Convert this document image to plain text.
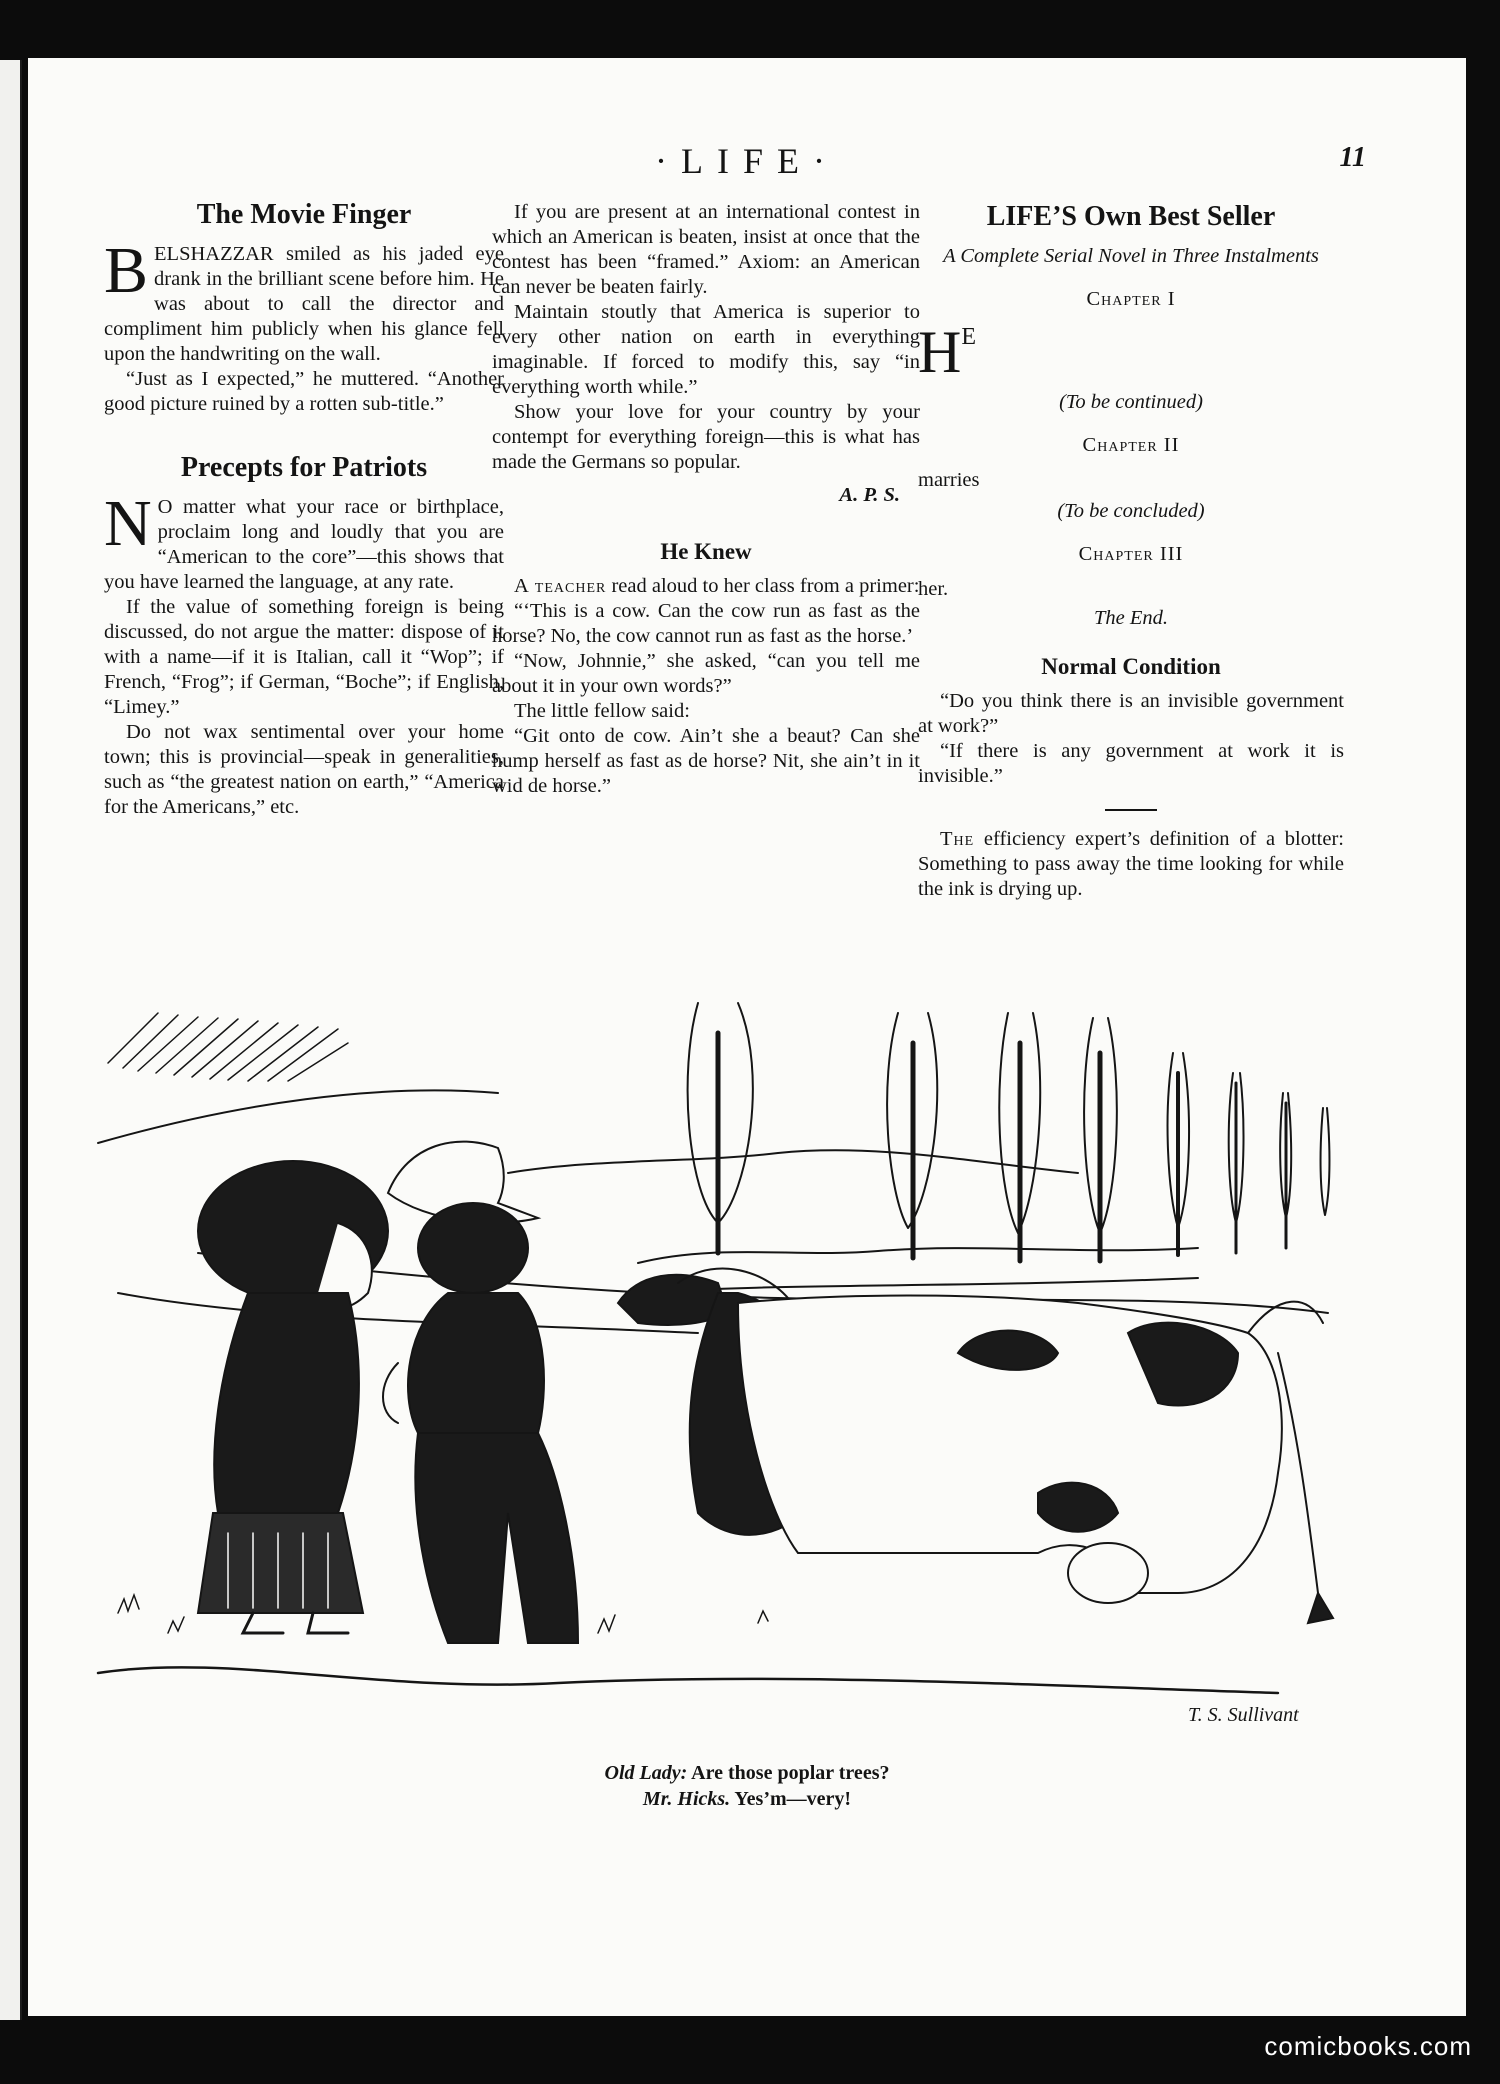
·LIFE·	11
The Movie Finger

BELSHAZZAR smiled as his jaded eye drank in the brilliant scene before him. He was about to call the director and compliment him publicly when his glance fell upon the handwriting on the wall.

“Just as I expected,” he muttered. “Another good picture ruined by a rotten sub-title.”

Precepts for Patriots

N O matter what your race or birthplace, proclaim long and loudly that you are “American to the core”—this shows that you have learned the language, at any rate.

If the value of something foreign is being discussed, do not argue the matter: dispose of it with a name—if it is Italian, call it “Wop”; if French, “Frog”; if German, “Boche”; if English, “Limey.”

Do not wax sentimental over your home town; this is provincial—speak in generalities, such as “the greatest nation on earth,” “America for the Americans,” etc.

If you are present at an international contest in which an American is beaten, insist at once that the contest has been “framed.” Axiom: an American can never be beaten fairly.

Maintain stoutly that America is superior to every other nation on earth in everything imaginable. If forced to modify this, say “in everything worth while.”

Show your love for your country by your contempt for everything foreign—this is what has made the Germans so popular.

A. P. S.

He Knew

A teacher read aloud to her class from a primer:

“‘This is a cow. Can the cow run as fast as the horse? No, the cow cannot run as fast as the horse.’

“Now, Johnnie,” she asked, “can you tell me about it in your own words?”

The little fellow said:

“Git onto de cow. Ain’t she a beaut? Can she hump herself as fast as de horse? Nit, she ain’t in it wid de horse.”

LIFE’S Own Best Seller

A Complete Serial Novel in Three Instalments

Chapter I

HE

(To be continued)

Chapter II

marries

(To be concluded)

Chapter III

her.

The End.

Normal Condition

“Do you think there is an invisible government at work?”

“If there is any government at work it is invisible.”

The efficiency expert’s definition of a blotter: Something to pass away the time looking for while the ink is drying up.

T. S. Sullivant
Old Lady: Are those poplar trees?
Mr. Hicks. Yes’m—very!
comicbooks.com
